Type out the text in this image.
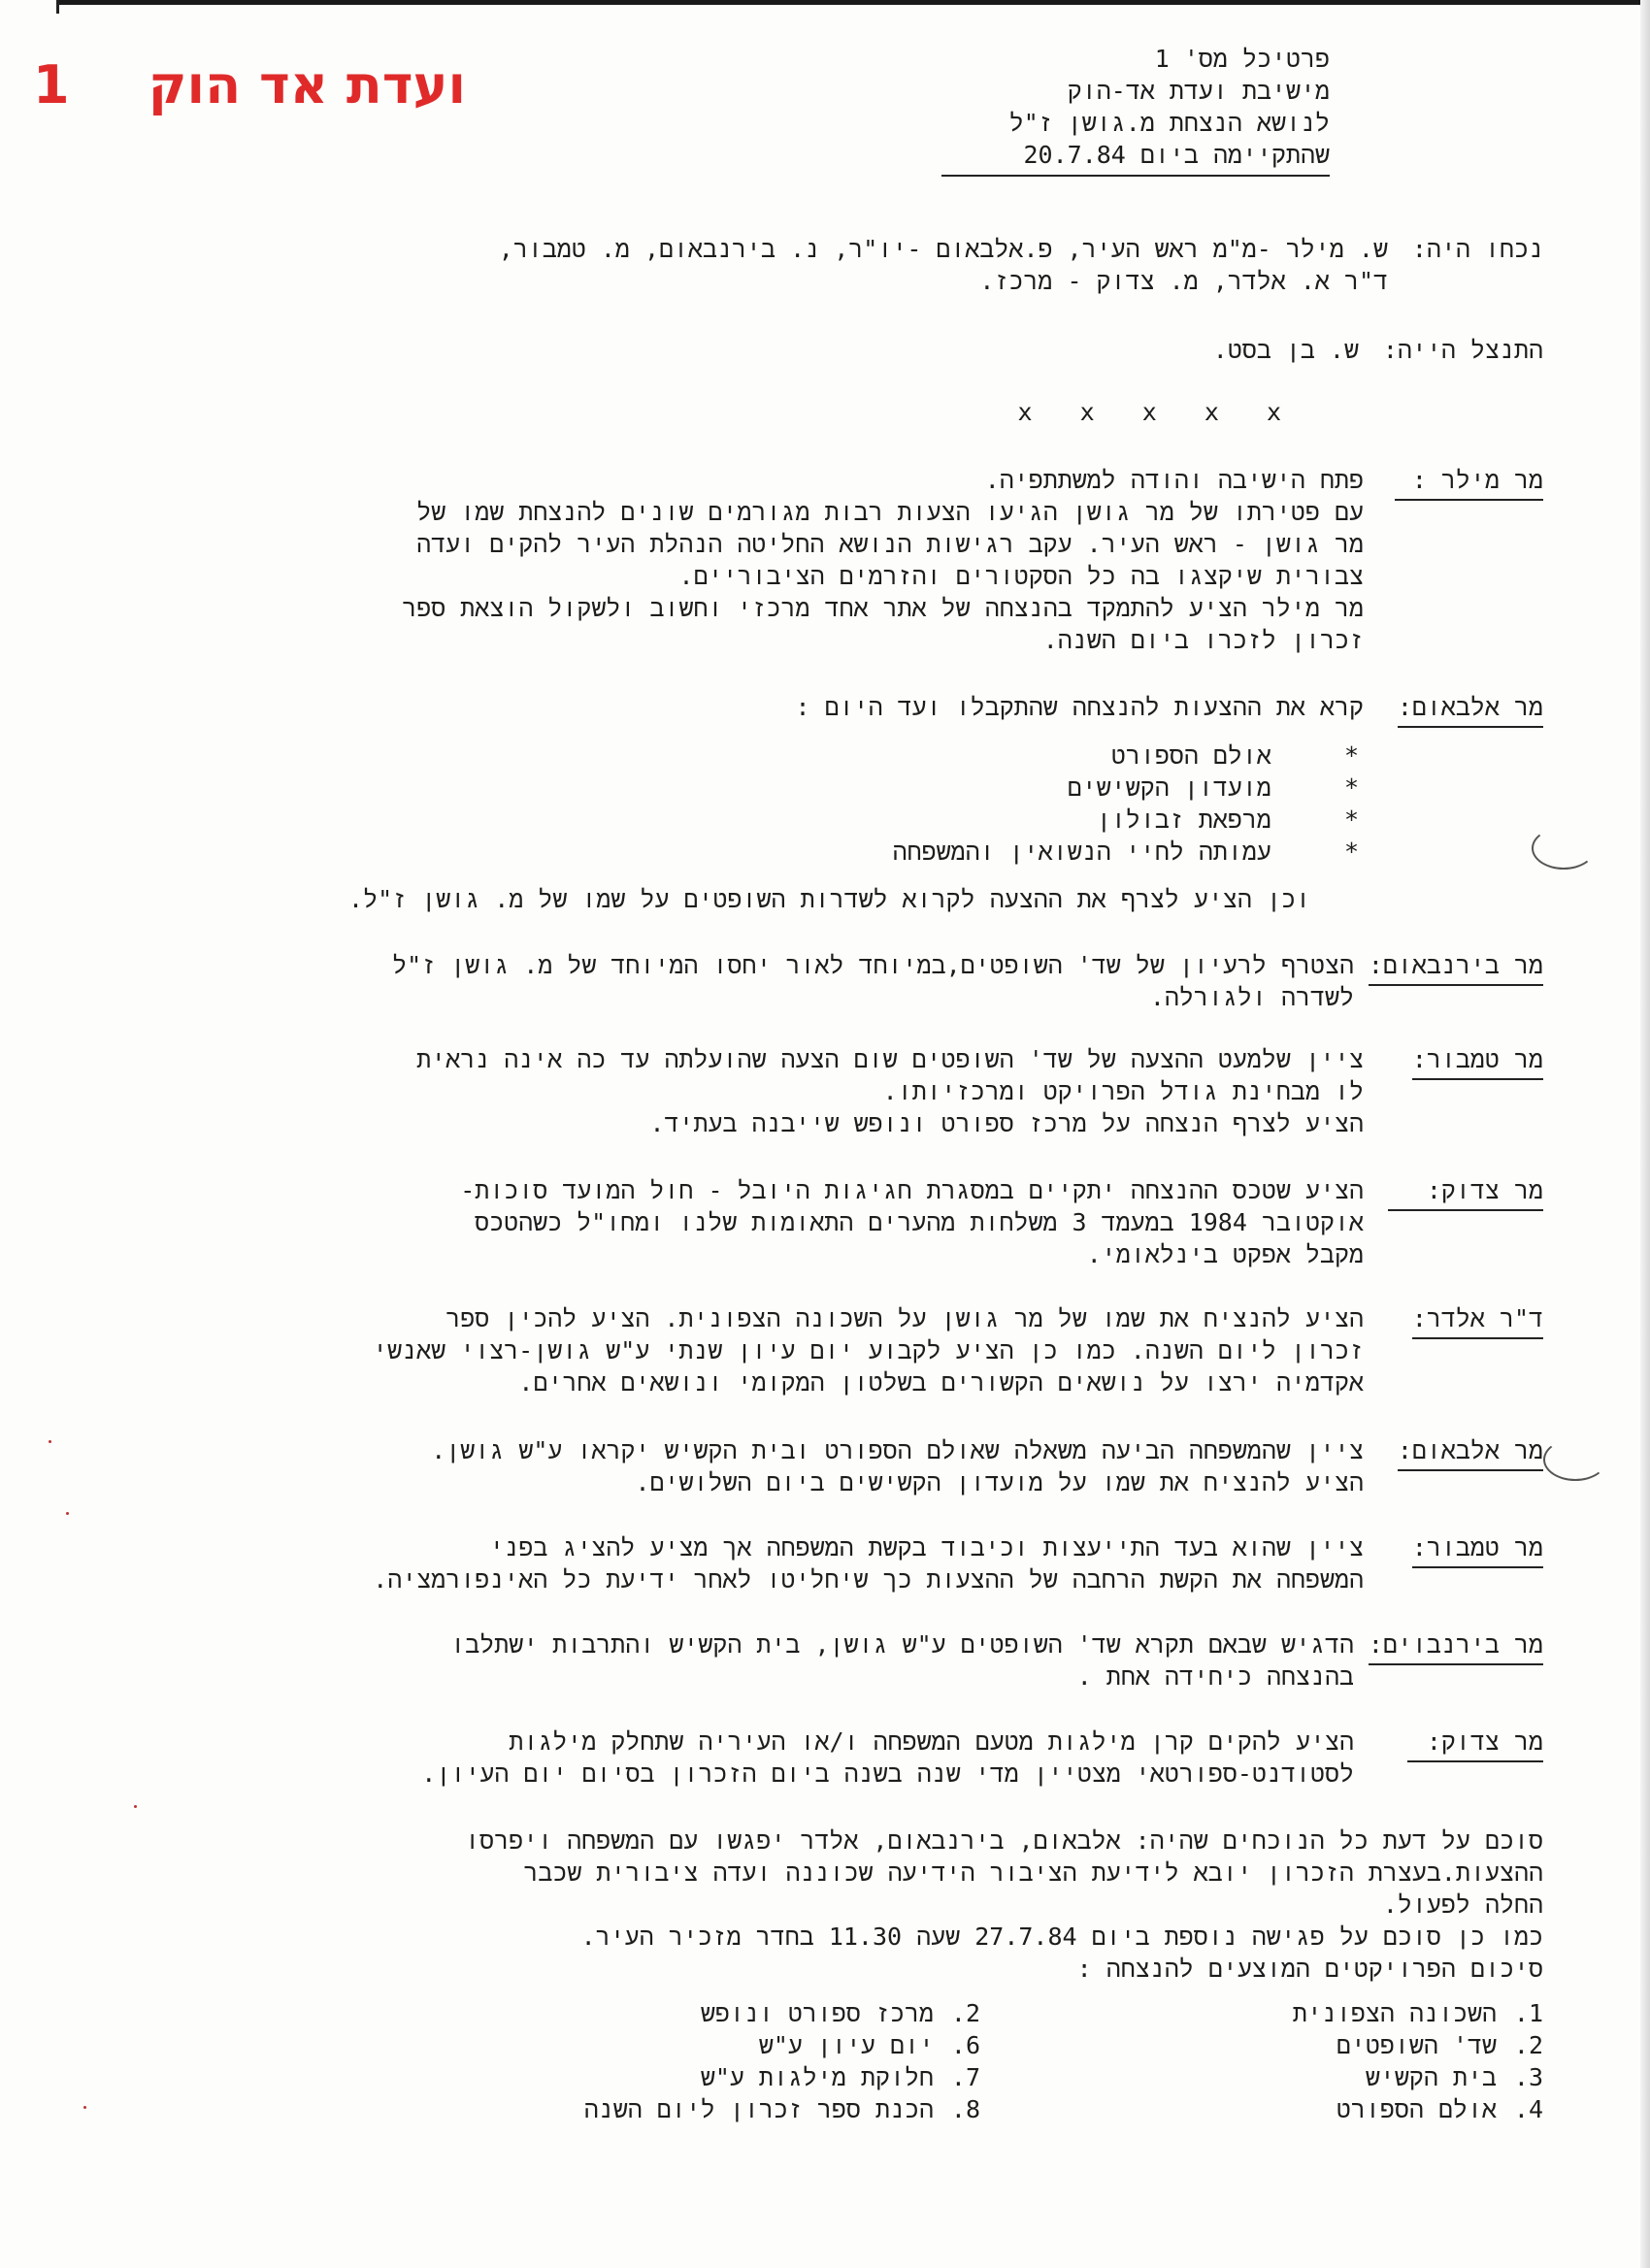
ועדת אד הוק
1	פרטיכל מס' 1
מישיבת ועדת אד-הוק
לנושא הנצחת מ.גושן ז"ל
שהתקיימה ביום 20.7.84
נכחו היה:
ש. מילר -מ"מ ראש העיר, פ.אלבאום -יו"ר, נ. בירנבאום, מ. טמבור,
ד"ר א. אלדר, מ. צדוק - מרכז.
התנצל הייה:
ש. בן בסט.
x x x x x
מר מילר :
פתח הישיבה והודה למשתתפיה.
עם פטירתו של מר גושן הגיעו הצעות רבות מגורמים שונים להנצחת שמו של
מר גושן - ראש העיר. עקב רגישות הנושא החליטה הנהלת העיר להקים ועדה
צבורית שיקצגו בה כל הסקטורים והזרמים הציבוריים.
מר מילר הציע להתמקד בהנצחה של אתר אחד מרכזי וחשוב ולשקול הוצאת ספר
זכרון לזכרו ביום השנה.
מר אלבאום:
קרא את ההצעות להנצחה שהתקבלו ועד היום :
*  אולם הספורט
*  מועדון הקשישים
*  מרפאת זבולון
*  עמותה לחיי הנשואין והמשפחה
וכן הציע לצרף את ההצעה לקרוא לשדרות השופטים על שמו של מ. גושן ז"ל.
מר בירנבאום:
הצטרף לרעיון של שד' השופטים,במיוחד לאור יחסו המיוחד של מ. גושן ז"ל
לשדרה ולגורלה.
מר טמבור:
ציין שלמעט ההצעה של שד' השופטים שום הצעה שהועלתה עד כה אינה נראית
לו מבחינת גודל הפרויקט ומרכזיותו.
הציע לצרף הנצחה על מרכז ספורט ונופש שייבנה בעתיד.
מר צדוק:
הציע שטכס ההנצחה יתקיים במסגרת חגיגות היובל - חול המועד סוכות-
אוקטובר 1984 במעמד 3 משלחות מהערים התאומות שלנו ומחו"ל כשהטכס
מקבל אפקט בינלאומי.
ד"ר אלדר:
הציע להנציח את שמו של מר גושן על השכונה הצפונית. הציע להכין ספר
זכרון ליום השנה. כמו כן הציע לקבוע יום עיון שנתי ע"ש גושן-רצוי שאנשי
אקדמיה ירצו על נושאים הקשורים בשלטון המקומי ונושאים אחרים.
מר אלבאום:
ציין שהמשפחה הביעה משאלה שאולם הספורט ובית הקשיש יקראו ע"ש גושן.
הציע להנציח את שמו על מועדון הקשישים ביום השלושים.
מר טמבור:
ציין שהוא בעד התייעצות וכיבוד בקשת המשפחה אך מציע להציג בפני
המשפחה את הקשת הרחבה של ההצעות כך שיחליטו לאחר ידיעת כל האינפורמציה.
מר בירנבוים:
הדגיש שבאם תקרא שד' השופטים ע"ש גושן, בית הקשיש והתרבות ישתלבו
בהנצחה כיחידה אחת .
מר צדוק:
הציע להקים קרן מילגות מטעם המשפחה ו/או העיריה שתחלק מילגות
לסטודנט-ספורטאי מצטיין מדי שנה בשנה ביום הזכרון בסיום יום העיון.
סוכם על דעת כל הנוכחים שהיה: אלבאום, בירנבאום, אלדר יפגשו עם המשפחה ויפרסו
ההצעות.בעצרת הזכרון יובא לידיעת הציבור הידיעה שכוננה ועדה ציבורית שכבר
החלה לפעול.
כמו כן סוכם על פגישה נוספת ביום 27.7.84 שעה 11.30 בחדר מזכיר העיר.
סיכום הפרויקטים המוצעים להנצחה :
1.השכונה הצפונית
2.שד' השופטים
3.בית הקשיש
4.אולם הספורט
2.מרכז ספורט ונופש
6.יום עיון ע"ש
7.חלוקת מילגות ע"ש
8.הכנת ספר זכרון ליום השנה
